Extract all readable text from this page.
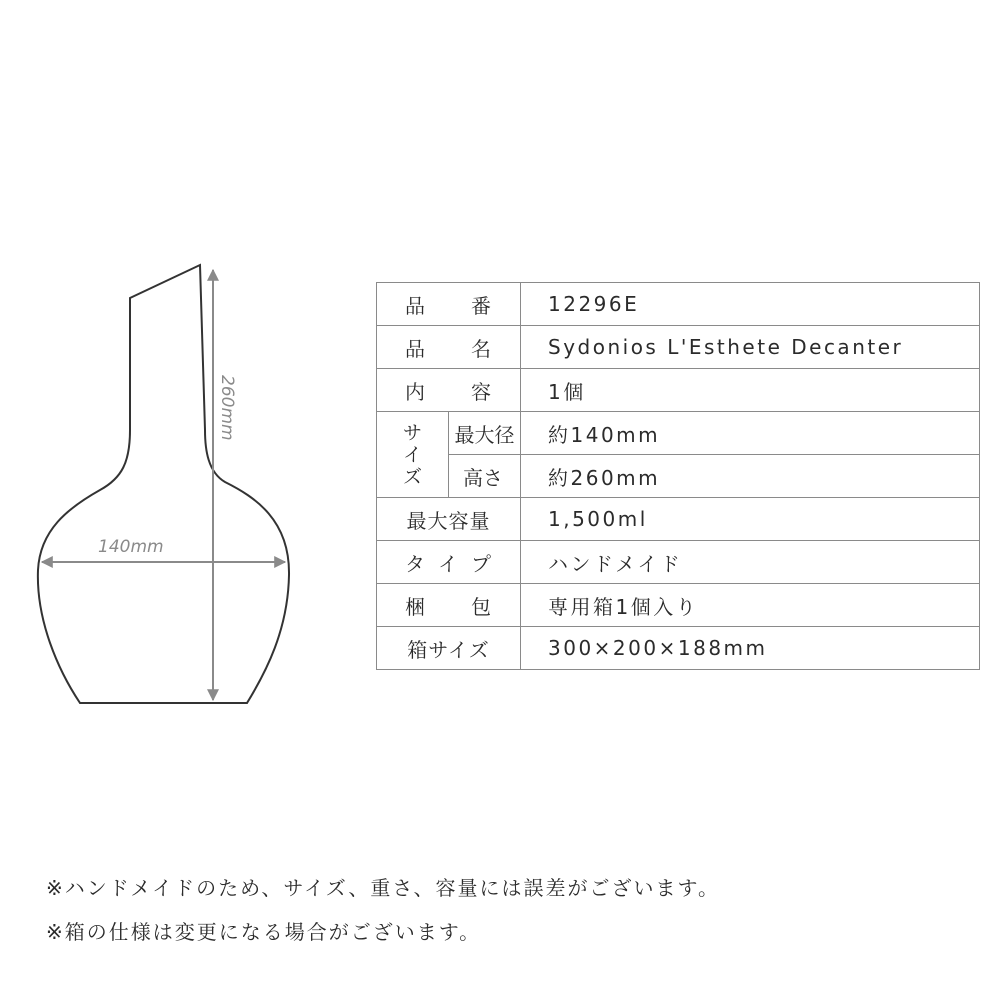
260mm
140mm
品 番		12296E

品 名		Sydonios L'Esthete Decanter

内 容		1個

サ
イ
ズ	最大径	約140mm

	高 さ	約260mm
最大容量		1,500ml

タ イ プ		ハンドメイド

梱 包		専用箱1個入り
箱サイズ		300×200×188mm
※ハンドメイドのため、サイズ、重さ、容量には誤差がございます。
※箱の仕様は変更になる場合がございます。
